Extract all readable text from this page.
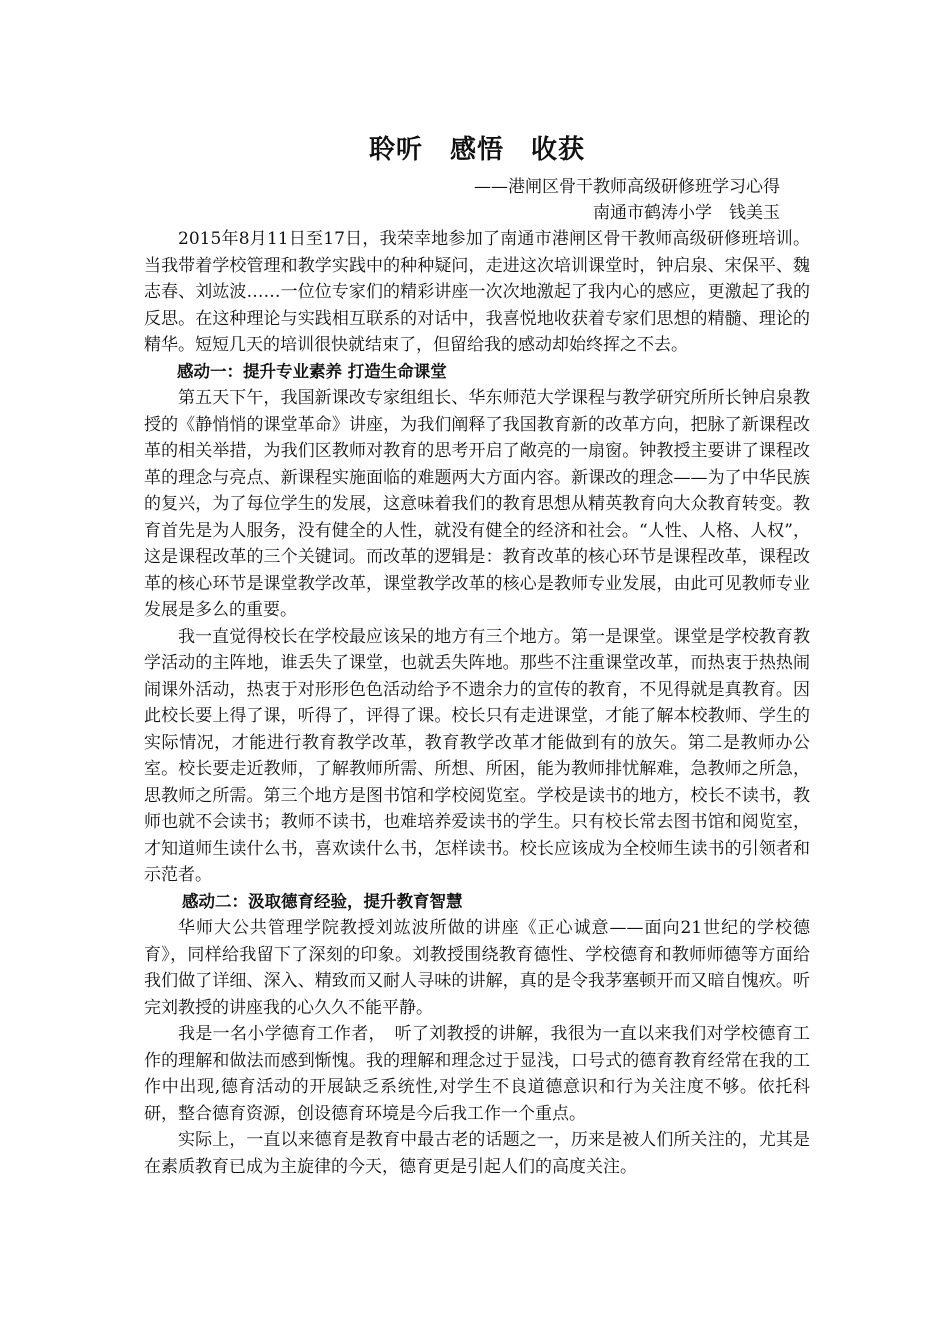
聆听　感悟　收获

——港闸区骨干教师高级研修班学习心得

南通市鹤涛小学　钱美玉

2015年8月11日至17日，我荣幸地参加了南通市港闸区骨干教师高级研修班培训。当我带着学校管理和教学实践中的种种疑问，走进这次培训课堂时，钟启泉、宋保平、魏志春、刘竑波……一位位专家们的精彩讲座一次次地激起了我内心的感应，更激起了我的反思。在这种理论与实践相互联系的对话中，我喜悦地收获着专家们思想的精髓、理论的精华。短短几天的培训很快就结束了，但留给我的感动却始终挥之不去。

感动一：提升专业素养 打造生命课堂

第五天下午，我国新课改专家组组长、华东师范大学课程与教学研究所所长钟启泉教授的《静悄悄的课堂革命》讲座，为我们阐释了我国教育新的改革方向，把脉了新课程改革的相关举措，为我们区教师对教育的思考开启了敞亮的一扇窗。钟教授主要讲了课程改革的理念与亮点、新课程实施面临的难题两大方面内容。新课改的理念——为了中华民族的复兴，为了每位学生的发展，这意味着我们的教育思想从精英教育向大众教育转变。教育首先是为人服务，没有健全的人性，就没有健全的经济和社会。“人性、人格、人权”，这是课程改革的三个关键词。而改革的逻辑是：教育改革的核心环节是课程改革，课程改革的核心环节是课堂教学改革，课堂教学改革的核心是教师专业发展，由此可见教师专业发展是多么的重要。

我一直觉得校长在学校最应该呆的地方有三个地方。第一是课堂。课堂是学校教育教学活动的主阵地，谁丢失了课堂，也就丢失阵地。那些不注重课堂改革，而热衷于热热闹闹课外活动，热衷于对形形色色活动给予不遗余力的宣传的教育，不见得就是真教育。因此校长要上得了课，听得了，评得了课。校长只有走进课堂，才能了解本校教师、学生的实际情况，才能进行教育教学改革，教育教学改革才能做到有的放矢。第二是教师办公室。校长要走近教师，了解教师所需、所想、所困，能为教师排忧解难，急教师之所急，思教师之所需。第三个地方是图书馆和学校阅览室。学校是读书的地方，校长不读书，教师也就不会读书；教师不读书，也难培养爱读书的学生。只有校长常去图书馆和阅览室，才知道师生读什么书，喜欢读什么书，怎样读书。校长应该成为全校师生读书的引领者和示范者。

感动二：汲取德育经验，提升教育智慧

华师大公共管理学院教授刘竑波所做的讲座《正心诚意——面向21世纪的学校德育》，同样给我留下了深刻的印象。刘教授围绕教育德性、学校德育和教师师德等方面给我们做了详细、深入、精致而又耐人寻味的讲解，真的是令我茅塞顿开而又暗自愧疚。听完刘教授的讲座我的心久久不能平静。

我是一名小学德育工作者，　听了刘教授的讲解，我很为一直以来我们对学校德育工作的理解和做法而感到惭愧。我的理解和理念过于显浅，口号式的德育教育经常在我的工作中出现,德育活动的开展缺乏系统性,对学生不良道德意识和行为关注度不够。依托科研，整合德育资源，创设德育环境是今后我工作一个重点。

实际上，一直以来德育是教育中最古老的话题之一，历来是被人们所关注的，尤其是在素质教育已成为主旋律的今天，德育更是引起人们的高度关注。
